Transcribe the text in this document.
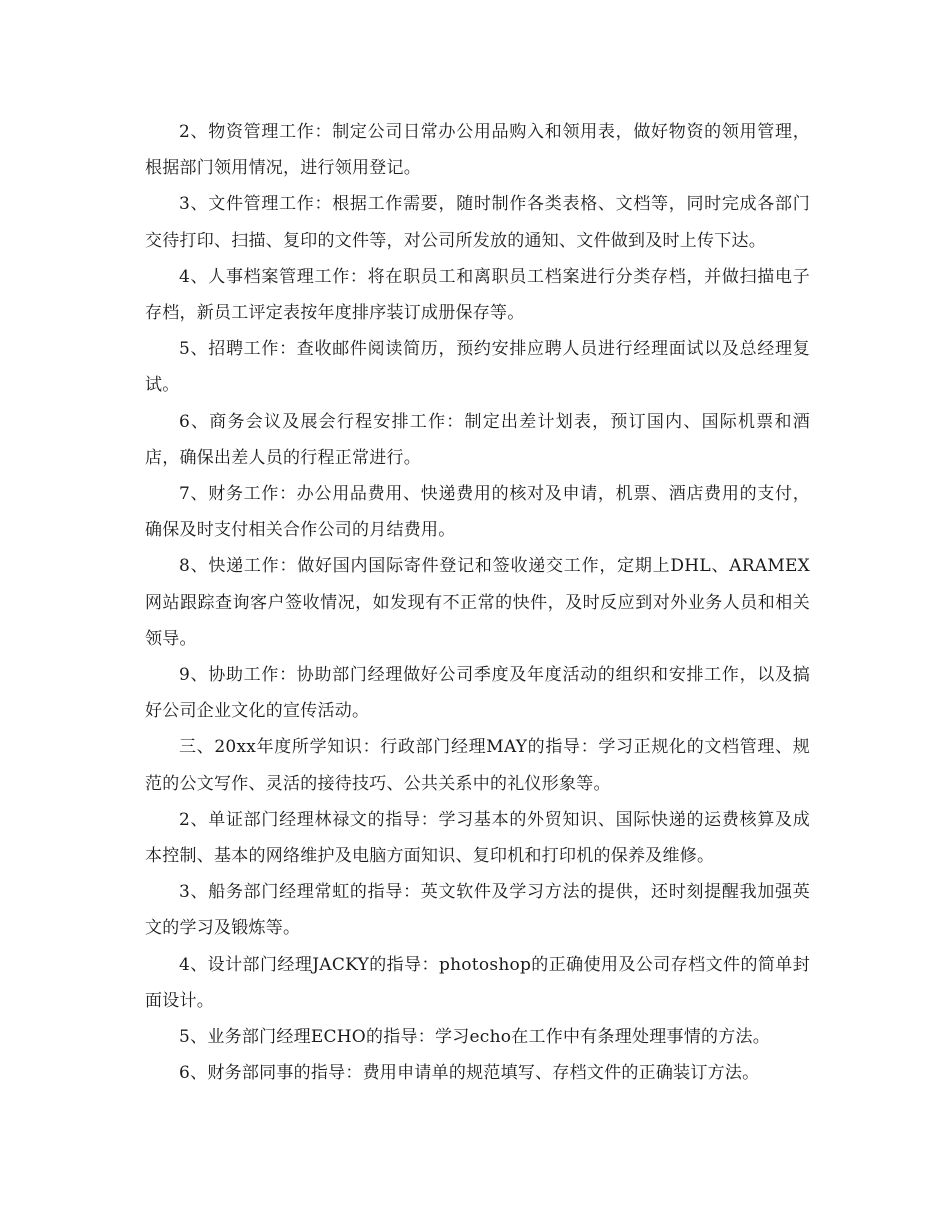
2、物资管理工作：制定公司日常办公用品购入和领用表，做好物资的领用管理，根据部门领用情况，进行领用登记。

3、文件管理工作：根据工作需要，随时制作各类表格、文档等，同时完成各部门交待打印、扫描、复印的文件等，对公司所发放的通知、文件做到及时上传下达。

4、人事档案管理工作：将在职员工和离职员工档案进行分类存档，并做扫描电子存档，新员工评定表按年度排序装订成册保存等。

5、招聘工作：查收邮件阅读简历，预约安排应聘人员进行经理面试以及总经理复试。

6、商务会议及展会行程安排工作：制定出差计划表，预订国内、国际机票和酒店，确保出差人员的行程正常进行。

7、财务工作：办公用品费用、快递费用的核对及申请，机票、酒店费用的支付，确保及时支付相关合作公司的月结费用。

8、快递工作：做好国内国际寄件登记和签收递交工作，定期上DHL、ARAMEX网站跟踪查询客户签收情况，如发现有不正常的快件，及时反应到对外业务人员和相关领导。

9、协助工作：协助部门经理做好公司季度及年度活动的组织和安排工作，以及搞好公司企业文化的宣传活动。

三、20xx年度所学知识：行政部门经理MAY的指导：学习正规化的文档管理、规范的公文写作、灵活的接待技巧、公共关系中的礼仪形象等。

2、单证部门经理林禄文的指导：学习基本的外贸知识、国际快递的运费核算及成本控制、基本的网络维护及电脑方面知识、复印机和打印机的保养及维修。

3、船务部门经理常虹的指导：英文软件及学习方法的提供，还时刻提醒我加强英文的学习及锻炼等。

4、设计部门经理JACKY的指导：photoshop的正确使用及公司存档文件的简单封面设计。

5、业务部门经理ECHO的指导：学习echo在工作中有条理处理事情的方法。

6、财务部同事的指导：费用申请单的规范填写、存档文件的正确装订方法。
